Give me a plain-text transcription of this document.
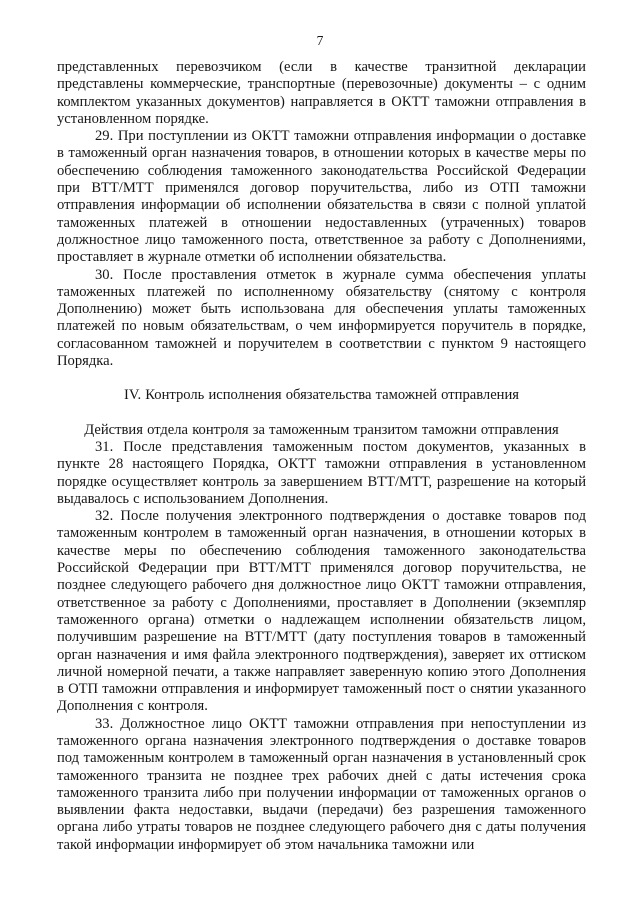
7

представленных перевозчиком (если в качестве транзитной декларации представлены коммерческие, транспортные (перевозочные) документы – с одним комплектом указанных документов) направляется в ОКТТ таможни отправления в установленном порядке.

29. При поступлении из ОКТТ таможни отправления информации о доставке в таможенный орган назначения товаров, в отношении которых в качестве меры по обеспечению соблюдения таможенного законодательства Российской Федерации при ВТТ/МТТ применялся договор поручительства, либо из ОТП таможни отправления информации об исполнении обязательства в связи с полной уплатой таможенных платежей в отношении недоставленных (утраченных) товаров должностное лицо таможенного поста, ответственное за работу с Дополнениями, проставляет в журнале отметки об исполнении обязательства.

30. После проставления отметок в журнале сумма обеспечения уплаты таможенных платежей по исполненному обязательству (снятому с контроля Дополнению) может быть использована для обеспечения уплаты таможенных платежей по новым обязательствам, о чем информируется поручитель в порядке, согласованном таможней и поручителем в соответствии с пунктом 9 настоящего Порядка.

IV. Контроль исполнения обязательства таможней отправления

Действия отдела контроля за таможенным транзитом таможни отправления

31. После представления таможенным постом документов, указанных в пункте 28 настоящего Порядка, ОКТТ таможни отправления в установленном порядке осуществляет контроль за завершением ВТТ/МТТ, разрешение на который выдавалось с использованием Дополнения.

32. После получения электронного подтверждения о доставке товаров под таможенным контролем в таможенный орган назначения, в отношении которых в качестве меры по обеспечению соблюдения таможенного законодательства Российской Федерации при ВТТ/МТТ применялся договор поручительства, не позднее следующего рабочего дня должностное лицо ОКТТ таможни отправления, ответственное за работу с Дополнениями, проставляет в Дополнении (экземпляр таможенного органа) отметки о надлежащем исполнении обязательств лицом, получившим разрешение на ВТТ/МТТ (дату поступления товаров в таможенный орган назначения и имя файла электронного подтверждения), заверяет их оттиском личной номерной печати, а также направляет заверенную копию этого Дополнения в ОТП таможни отправления и информирует таможенный пост о снятии указанного Дополнения с контроля.

33. Должностное лицо ОКТТ таможни отправления при непоступлении из таможенного органа назначения электронного подтверждения о доставке товаров под таможенным контролем в таможенный орган назначения в установленный срок таможенного транзита не позднее трех рабочих дней с даты истечения срока таможенного транзита либо при получении информации от таможенных органов о выявлении факта недоставки, выдачи (передачи) без разрешения таможенного органа либо утраты товаров не позднее следующего рабочего дня с даты получения такой информации информирует об этом начальника таможни или
